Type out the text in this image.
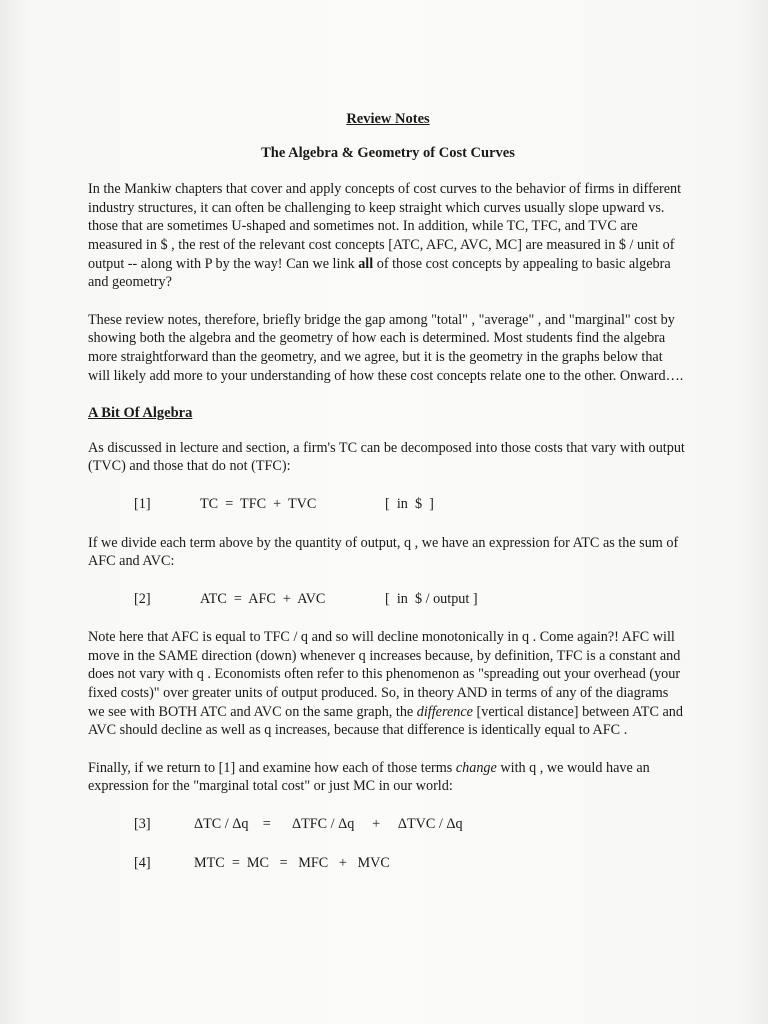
Review Notes
The Algebra & Geometry of Cost Curves

In the Mankiw chapters that cover and apply concepts of cost curves to the behavior of firms in different industry structures, it can often be challenging to keep straight which curves usually slope upward vs. those that are sometimes U-shaped and sometimes not. In addition, while TC, TFC, and TVC are measured in $ , the rest of the relevant cost concepts [ATC, AFC, AVC, MC] are measured in $ / unit of output -- along with P by the way! Can we link all of those cost concepts by appealing to basic algebra and geometry?

These review notes, therefore, briefly bridge the gap among "total" , "average" , and "marginal" cost by showing both the algebra and the geometry of how each is determined. Most students find the algebra more straightforward than the geometry, and we agree, but it is the geometry in the graphs below that will likely add more to your understanding of how these cost concepts relate one to the other. Onward….

A Bit Of Algebra

As discussed in lecture and section, a firm's TC can be decomposed into those costs that vary with output (TVC) and those that do not (TFC):

[1]	TC  =  TFC  +  TVC	[  in  $  ]

If we divide each term above by the quantity of output, q , we have an expression for ATC as the sum of AFC and AVC:

[2]	ATC  =  AFC  +  AVC	[  in  $ / output ]

Note here that AFC is equal to TFC / q and so will decline monotonically in q . Come again?! AFC will move in the SAME direction (down) whenever q increases because, by definition, TFC is a constant and does not vary with q . Economists often refer to this phenomenon as "spreading out your overhead (your fixed costs)" over greater units of output produced. So, in theory AND in terms of any of the diagrams we see with BOTH ATC and AVC on the same graph, the difference [vertical distance] between ATC and AVC should decline as well as q increases, because that difference is identically equal to AFC .

Finally, if we return to [1] and examine how each of those terms change with q , we would have an expression for the "marginal total cost" or just MC in our world:

[3]	ΔTC / Δq    =      ΔTFC / Δq     +     ΔTVC / Δq
[4]	MTC  =  MC   =   MFC   +   MVC
